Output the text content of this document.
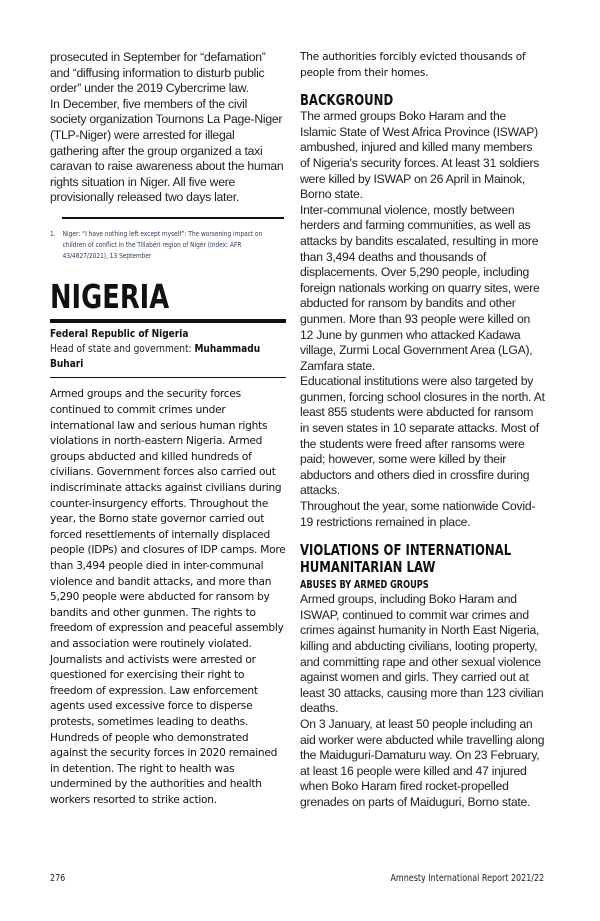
prosecuted in September for “defamation” and “diffusing information to disturb public order” under the 2019 Cybercrime law.

In December, five members of the civil society organization Tournons La Page-Niger (TLP-Niger) were arrested for illegal gathering after the group organized a taxi caravan to raise awareness about the human rights situation in Niger. All five were provisionally released two days later.

1. Niger: “I have nothing left except myself”: The worsening impact on children of conflict in the Tillabéri region of Niger (Index: AFR 43/4627/2021), 13 September
NIGERIA
Federal Republic of Nigeria
Head of state and government: Muhammadu Buhari

Armed groups and the security forces continued to commit crimes under international law and serious human rights violations in north-eastern Nigeria. Armed groups abducted and killed hundreds of civilians. Government forces also carried out indiscriminate attacks against civilians during counter-insurgency efforts. Throughout the year, the Borno state governor carried out forced resettlements of internally displaced people (IDPs) and closures of IDP camps. More than 3,494 people died in inter-communal violence and bandit attacks, and more than 5,290 people were abducted for ransom by bandits and other gunmen. The rights to freedom of expression and peaceful assembly and association were routinely violated. Journalists and activists were arrested or questioned for exercising their right to freedom of expression. Law enforcement agents used excessive force to disperse protests, sometimes leading to deaths. Hundreds of people who demonstrated against the security forces in 2020 remained in detention. The right to health was undermined by the authorities and health workers resorted to strike action.

The authorities forcibly evicted thousands of people from their homes.

BACKGROUND

The armed groups Boko Haram and the Islamic State of West Africa Province (ISWAP) ambushed, injured and killed many members of Nigeria's security forces. At least 31 soldiers were killed by ISWAP on 26 April in Mainok, Borno state.

Inter-communal violence, mostly between herders and farming communities, as well as attacks by bandits escalated, resulting in more than 3,494 deaths and thousands of displacements. Over 5,290 people, including foreign nationals working on quarry sites, were abducted for ransom by bandits and other gunmen. More than 93 people were killed on 12 June by gunmen who attacked Kadawa village, Zurmi Local Government Area (LGA), Zamfara state.

Educational institutions were also targeted by gunmen, forcing school closures in the north. At least 855 students were abducted for ransom in seven states in 10 separate attacks. Most of the students were freed after ransoms were paid; however, some were killed by their abductors and others died in crossfire during attacks.

Throughout the year, some nationwide Covid-19 restrictions remained in place.

VIOLATIONS OF INTERNATIONAL HUMANITARIAN LAW
ABUSES BY ARMED GROUPS

Armed groups, including Boko Haram and ISWAP, continued to commit war crimes and crimes against humanity in North East Nigeria, killing and abducting civilians, looting property, and committing rape and other sexual violence against women and girls. They carried out at least 30 attacks, causing more than 123 civilian deaths.

On 3 January, at least 50 people including an aid worker were abducted while travelling along the Maiduguri-Damaturu way. On 23 February, at least 16 people were killed and 47 injured when Boko Haram fired rocket-propelled grenades on parts of Maiduguri, Borno state.

276	Amnesty International Report 2021/22
